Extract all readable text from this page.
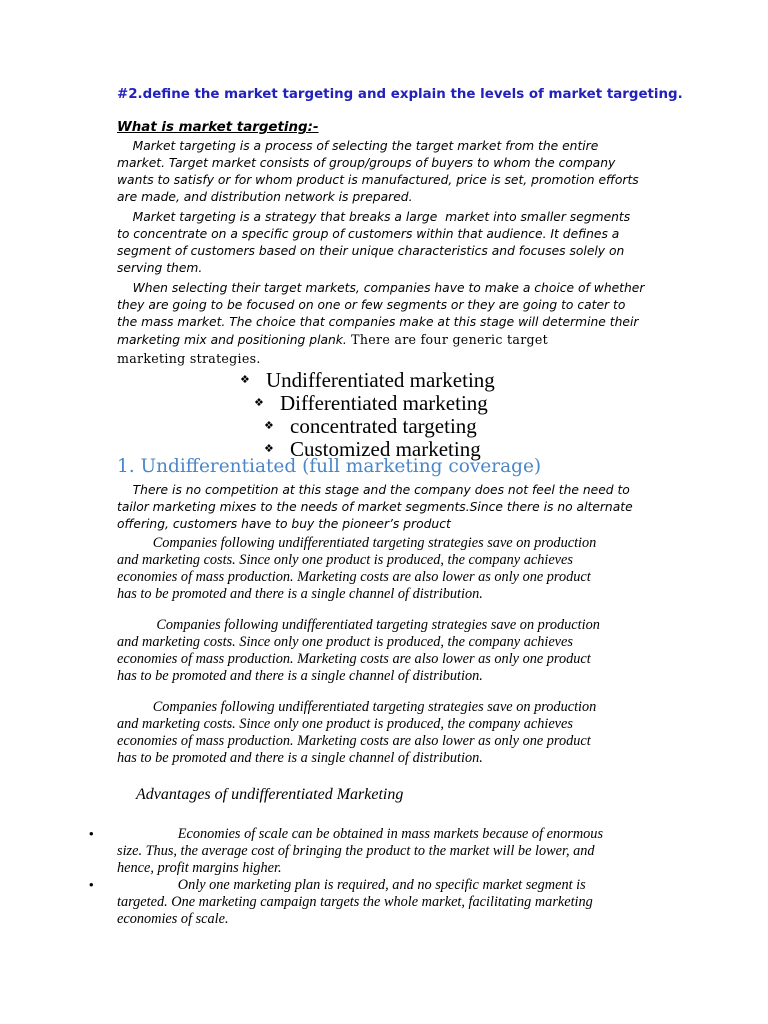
#2.define the market targeting and explain the levels of market targeting.
What is market targeting:-
Market targeting is a process of selecting the target market from the entire
market. Target market consists of group/groups of buyers to whom the company
wants to satisfy or for whom product is manufactured, price is set, promotion efforts
are made, and distribution network is prepared.
Market targeting is a strategy that breaks a large  market into smaller segments
to concentrate on a specific group of customers within that audience. It defines a
segment of customers based on their unique characteristics and focuses solely on
serving them.
When selecting their target markets, companies have to make a choice of whether
they are going to be focused on one or few segments or they are going to cater to
the mass market. The choice that companies make at this stage will determine their
marketing mix and positioning plank. There are four generic target
marketing strategies.
❖ Undifferentiated marketing
❖ Differentiated marketing
❖ concentrated targeting
❖ Customized marketing
1. Undifferentiated (full marketing coverage)
There is no competition at this stage and the company does not feel the need to
tailor marketing mixes to the needs of market segments.Since there is no alternate
offering, customers have to buy the pioneer’s product
Companies following undifferentiated targeting strategies save on production
and marketing costs. Since only one product is produced, the company achieves
economies of mass production. Marketing costs are also lower as only one product
has to be promoted and there is a single channel of distribution.
Companies following undifferentiated targeting strategies save on production
and marketing costs. Since only one product is produced, the company achieves
economies of mass production. Marketing costs are also lower as only one product
has to be promoted and there is a single channel of distribution.
Companies following undifferentiated targeting strategies save on production
and marketing costs. Since only one product is produced, the company achieves
economies of mass production. Marketing costs are also lower as only one product
has to be promoted and there is a single channel of distribution.
Advantages of undifferentiated Marketing
• Economies of scale can be obtained in mass markets because of enormous
size. Thus, the average cost of bringing the product to the market will be lower, and
hence, profit margins higher.
• Only one marketing plan is required, and no specific market segment is
targeted. One marketing campaign targets the whole market, facilitating marketing
economies of scale.
